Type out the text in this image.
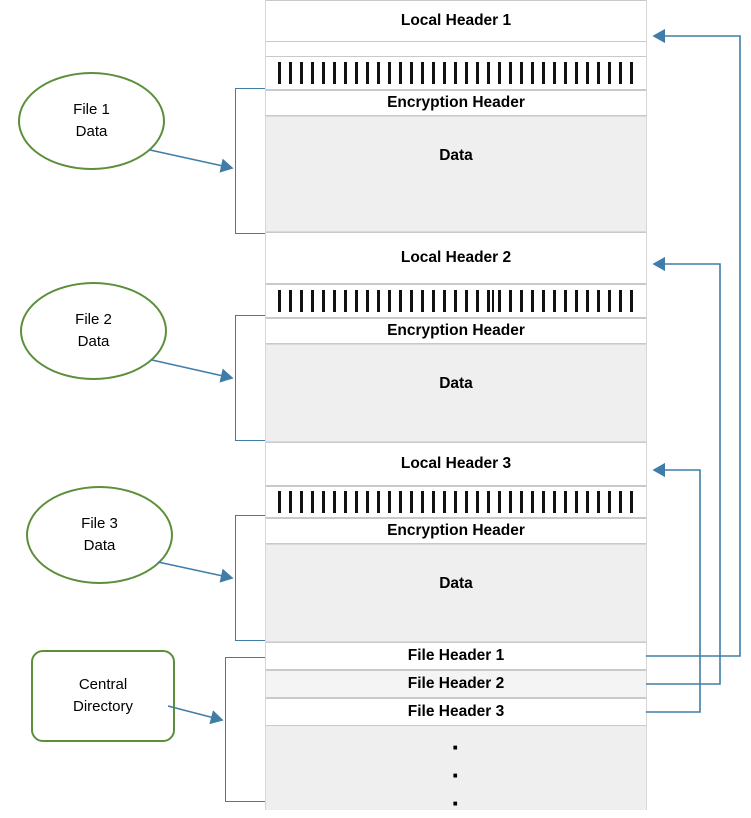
File 1
Data
File 2
Data
File 3
Data
Central
Directory
Local Header 1
Encryption Header
Data
Local Header 2
Encryption Header
Data
Local Header 3
Encryption Header
Data
File Header 1
File Header 2
File Header 3
·
·
·
